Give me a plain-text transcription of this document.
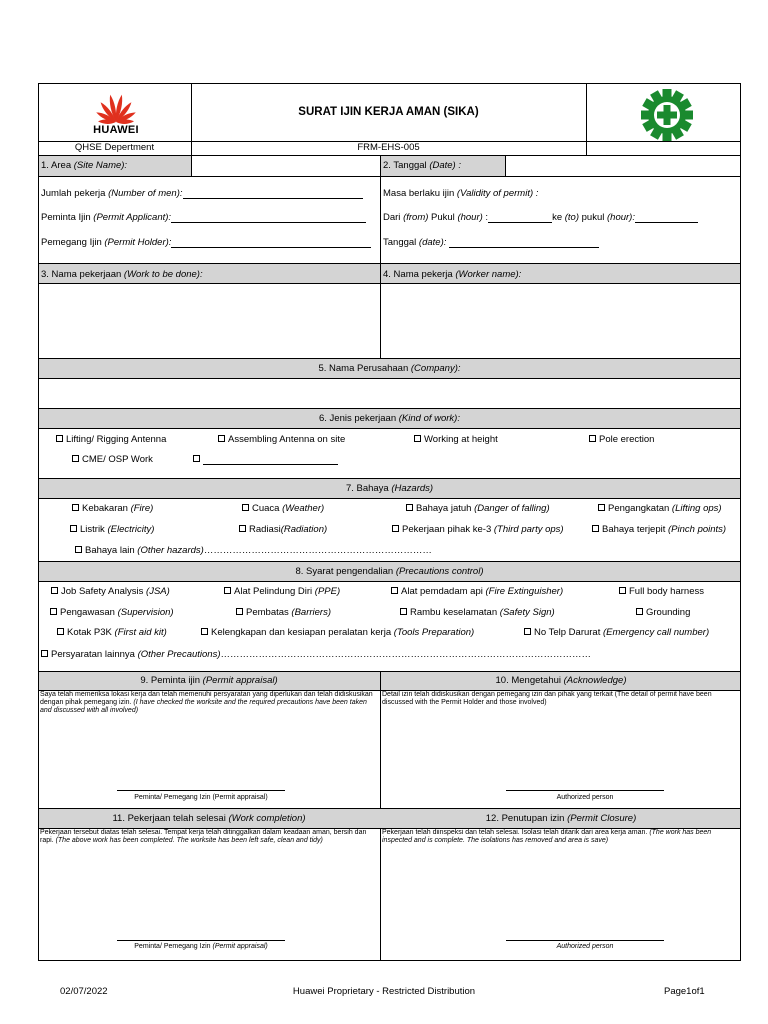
HUAWEI
SURAT IJIN KERJA AMAN (SIKA)
QHSE Depertment	FRM-EHS-005
1. Area (Site Name):	2. Tanggal (Date) :
Jumlah pekerja (Number of men):
Peminta Ijin (Permit Applicant):
Pemegang Ijin (Permit Holder):
Masa berlaku ijin (Validity of permit) :
Dari (from) Pukul (hour) :	ke (to) pukul (hour):
Tanggal (date):
3. Nama pekerjaan (Work to be done):	4. Nama pekerja (Worker name):
5. Nama Perusahaan (Company):
6. Jenis pekerjaan (Kind of work):
Lifting/ Rigging Antenna	Assembling Antenna on site	Working at height	Pole erection
CME/ OSP Work
7. Bahaya (Hazards)
Kebakaran (Fire)	Cuaca (Weather)	Bahaya jatuh (Danger of falling)	Pengangkatan (Lifting ops)
Listrik (Electricity)	Radiasi(Radiation)	Pekerjaan pihak ke-3 (Third party ops)	Bahaya terjepit (Pinch points)
Bahaya lain (Other hazards)………………………………………………………………
8. Syarat pengendalian (Precautions control)
Job Safety Analysis (JSA)	Alat Pelindung Diri (PPE)	Alat pemdadam api (Fire Extinguisher)	Full body harness
Pengawasan (Supervision)	Pembatas (Barriers)	Rambu keselamatan (Safety Sign)	Grounding
Kotak P3K (First aid kit)	Kelengkapan dan kesiapan peralatan kerja (Tools Preparation)	No Telp Darurat (Emergency call number)
Persyaratan lainnya (Other Precautions)………………………………………………………………………………………………………
9. Peminta ijin (Permit appraisal)	10. Mengetahui (Acknowledge)
Saya telah memeriksa lokasi kerja dan telah memenuhi persyaratan yang diperlukan dan telah didiskusikan dengan pihak pemegang izin. (I have checked the worksite and the required precautions have been taken and discussed with all involved)
Detail izin telah didiskusikan dengan pemegang izin dan pihak yang terkait (The detail of permit have been discussed with the Permit Holder and those involved)
Peminta/ Pemegang Izin (Permit appraisal)	Authorized person
11. Pekerjaan telah selesai (Work completion)	12. Penutupan izin (Permit Closure)
Pekerjaan tersebut diatas telah selesai. Tempat kerja telah ditinggalkan dalam keadaan aman, bersih dan rapi. (The above work has been completed. The worksite has been left safe, clean and tidy)
Pekerjaan telah diinspeksi dan telah selesai. Isolasi telah ditarik dari area kerja aman. (The work has been inspected and is complete. The isolations has removed and area is save)
Peminta/ Pemegang Izin (Permit appraisal)	Authorized person
02/07/2022	Huawei Proprietary - Restricted Distribution	Page1of1
